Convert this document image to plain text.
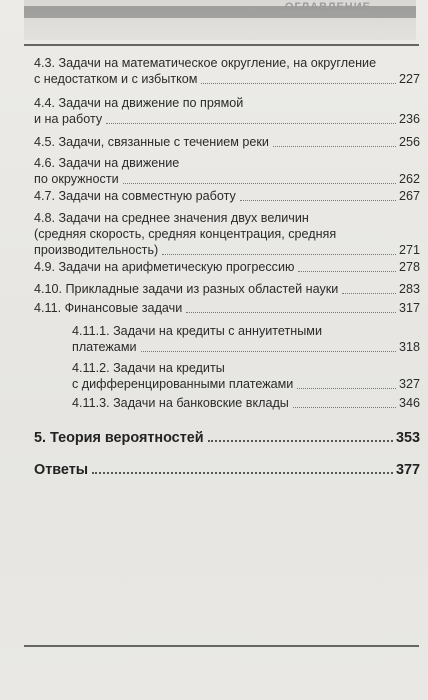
ОГЛАВЛЕНИЕ
4.3. Задачи на математическое округление, на округление
с недостатком и с избытком	227
4.4. Задачи на движение по прямой
и на работу	236
4.5. Задачи, связанные с течением реки	256
4.6. Задачи на движение
по окружности	262
4.7. Задачи на совместную работу	267
4.8. Задачи на среднее значения двух величин
(средняя скорость, средняя концентрация, средняя
производительность)	271
4.9. Задачи на арифметическую прогрессию	278
4.10. Прикладные задачи из разных областей науки	283
4.11. Финансовые задачи	317
4.11.1. Задачи на кредиты с аннуитетными
платежами	318
4.11.2. Задачи на кредиты
с дифференцированными платежами	327
4.11.3. Задачи на банковские вклады	346
5. Теория вероятностей	353
Ответы	377
